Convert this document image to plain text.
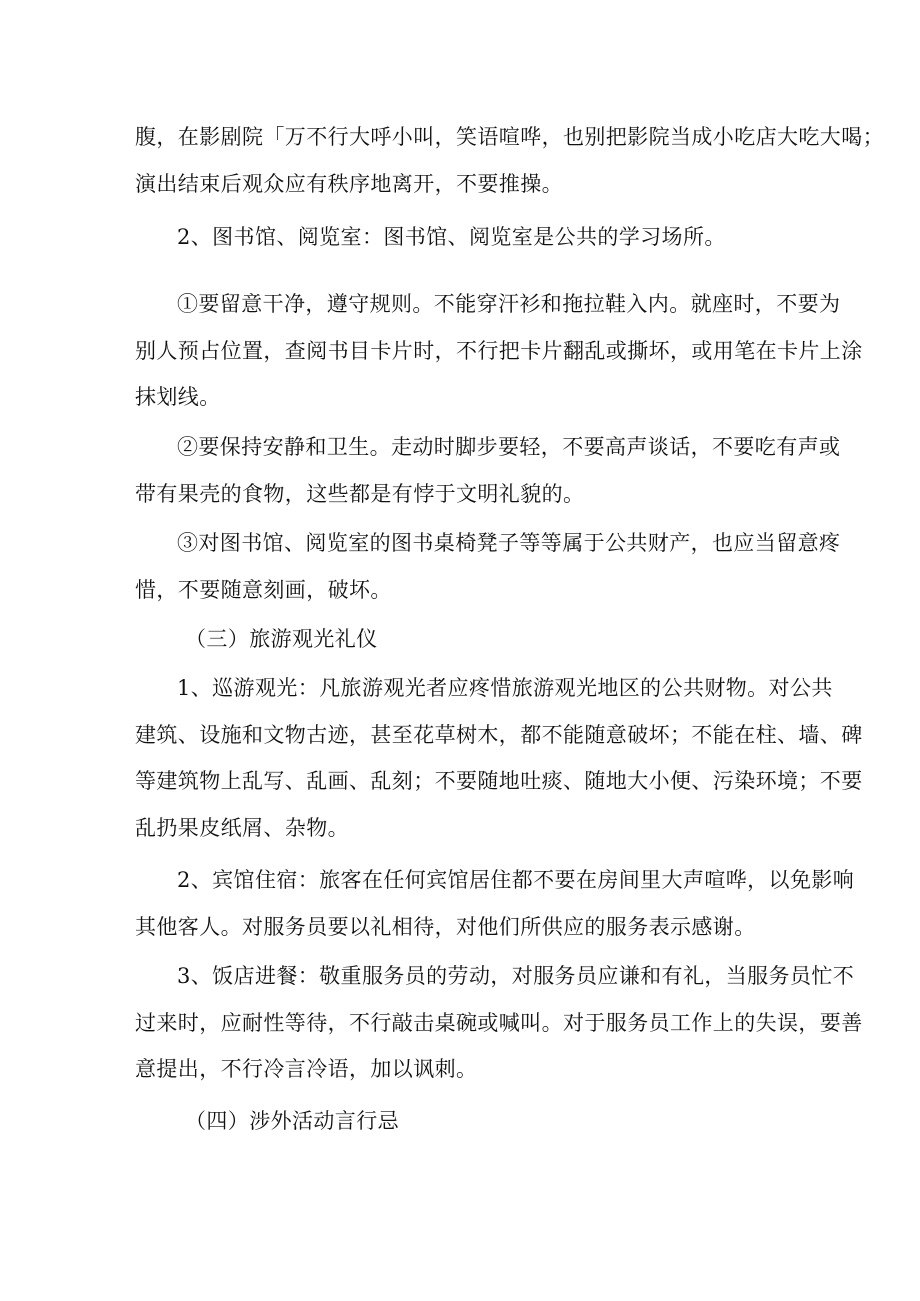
腹，在影剧院「万不行大呼小叫，笑语喧哗，也别把影院当成小吃店大吃大喝；
演出结束后观众应有秩序地离开，不要推操。
2、图书馆、阅览室：图书馆、阅览室是公共的学习场所。
①要留意干净，遵守规则。不能穿汗衫和拖拉鞋入内。就座时，不要为
别人预占位置，查阅书目卡片时，不行把卡片翻乱或撕坏，或用笔在卡片上涂
抹划线。
②要保持安静和卫生。走动时脚步要轻，不要高声谈话，不要吃有声或
带有果壳的食物，这些都是有悖于文明礼貌的。
③对图书馆、阅览室的图书桌椅凳子等等属于公共财产，也应当留意疼
惜，不要随意刻画，破坏。
（三）旅游观光礼仪
1、巡游观光：凡旅游观光者应疼惜旅游观光地区的公共财物。对公共
建筑、设施和文物古迹，甚至花草树木，都不能随意破坏；不能在柱、墙、碑
等建筑物上乱写、乱画、乱刻；不要随地吐痰、随地大小便、污染环境；不要
乱扔果皮纸屑、杂物。
2、宾馆住宿：旅客在任何宾馆居住都不要在房间里大声喧哗，以免影响
其他客人。对服务员要以礼相待，对他们所供应的服务表示感谢。
3、饭店进餐：敬重服务员的劳动，对服务员应谦和有礼，当服务员忙不
过来时，应耐性等待，不行敲击桌碗或喊叫。对于服务员工作上的失误，要善
意提出，不行冷言冷语，加以讽刺。
（四）涉外活动言行忌
